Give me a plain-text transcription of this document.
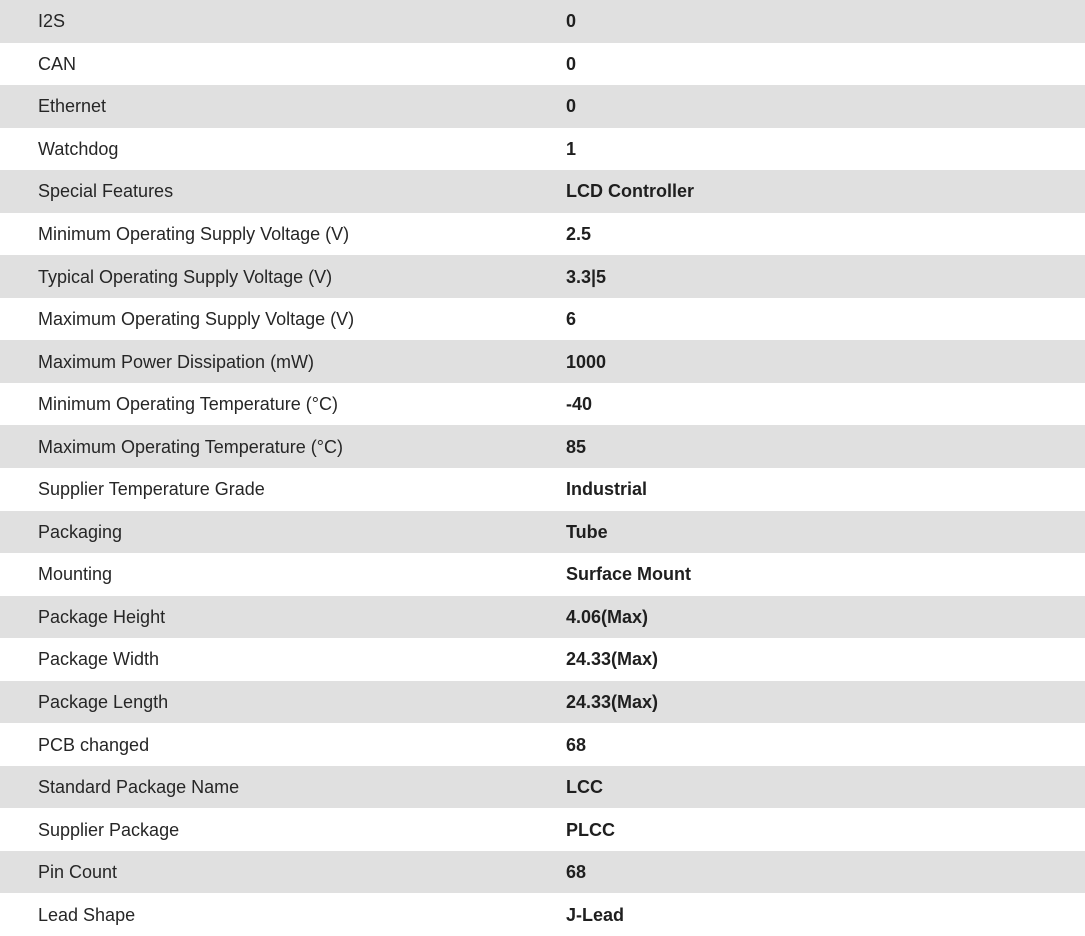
I2S	0
CAN	0
Ethernet	0
Watchdog	1
Special Features	LCD Controller
Minimum Operating Supply Voltage (V)	2.5
Typical Operating Supply Voltage (V)	3.3|5
Maximum Operating Supply Voltage (V)	6
Maximum Power Dissipation (mW)	1000
Minimum Operating Temperature (°C)	-40
Maximum Operating Temperature (°C)	85
Supplier Temperature Grade	Industrial
Packaging	Tube
Mounting	Surface Mount
Package Height	4.06(Max)
Package Width	24.33(Max)
Package Length	24.33(Max)
PCB changed	68
Standard Package Name	LCC
Supplier Package	PLCC
Pin Count	68
Lead Shape	J-Lead
